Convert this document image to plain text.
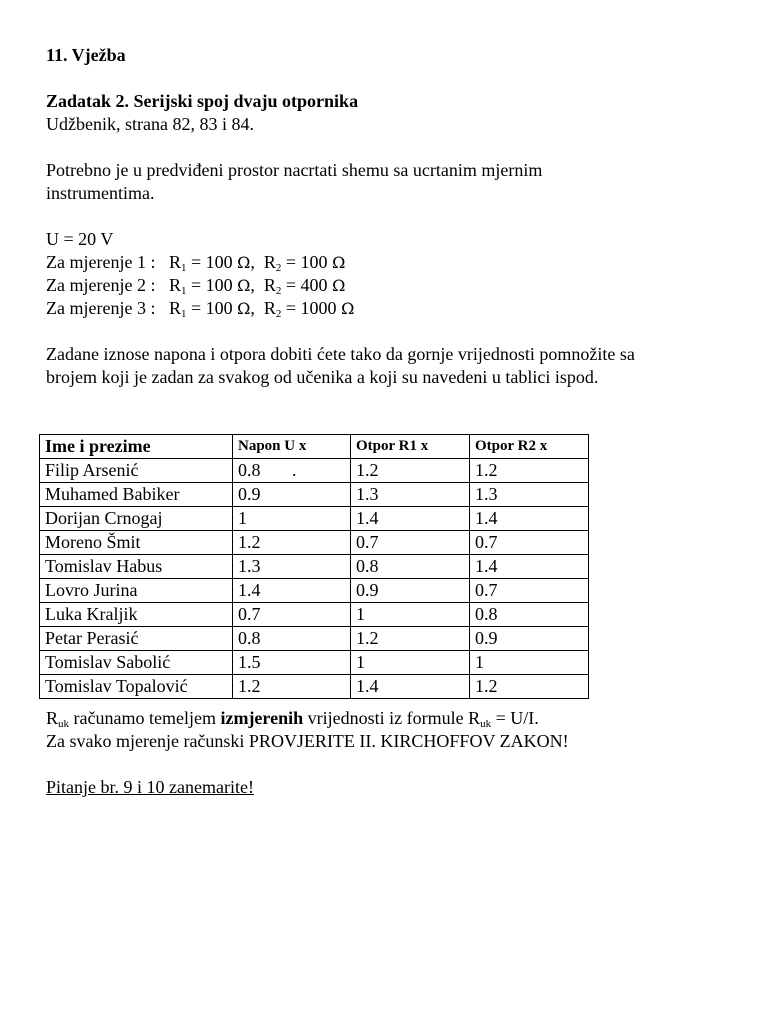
11. Vježba
Zadatak 2. Serijski spoj dvaju otpornika
Udžbenik, strana 82, 83 i 84.
Potrebno je u predviđeni prostor nacrtati shemu sa ucrtanim mjernim
instrumentima.
U = 20 V
Za mjerenje 1 : $R_1 = 100$ Ω,  $R_2 = 100$ Ω
Za mjerenje 2 : $R_1 = 100$ Ω,  $R_2 = 400$ Ω
Za mjerenje 3 : $R_1 = 100$ Ω,  $R_2 = 1000$ Ω
Zadane iznose napona i otpora dobiti ćete tako da gornje vrijednosti pomnožite sa
brojem koji je zadan za svakog od učenika a koji su navedeni u tablici ispod.
Ime i prezime	Napon U x	Otpor R1 x	Otpor R2 x
Filip Arsenić	0.8       .	1.2	1.2
Muhamed Babiker	0.9	1.3	1.3
Dorijan Crnogaj	1	1.4	1.4
Moreno Šmit	1.2	0.7	0.7
Tomislav Habus	1.3	0.8	1.4
Lovro Jurina	1.4	0.9	0.7
Luka Kraljik	0.7	1	0.8
Petar Perasić	0.8	1.2	0.9
Tomislav Sabolić	1.5	1	1
Tomislav Topalović	1.2	1.4	1.2
$R_{uk}$ računamo temeljem izmjerenih vrijednosti iz formule $R_{uk} = U/I$.
Za svako mjerenje računski PROVJERITE II. KIRCHOFFOV ZAKON!
Pitanje br. 9 i 10 zanemarite!
